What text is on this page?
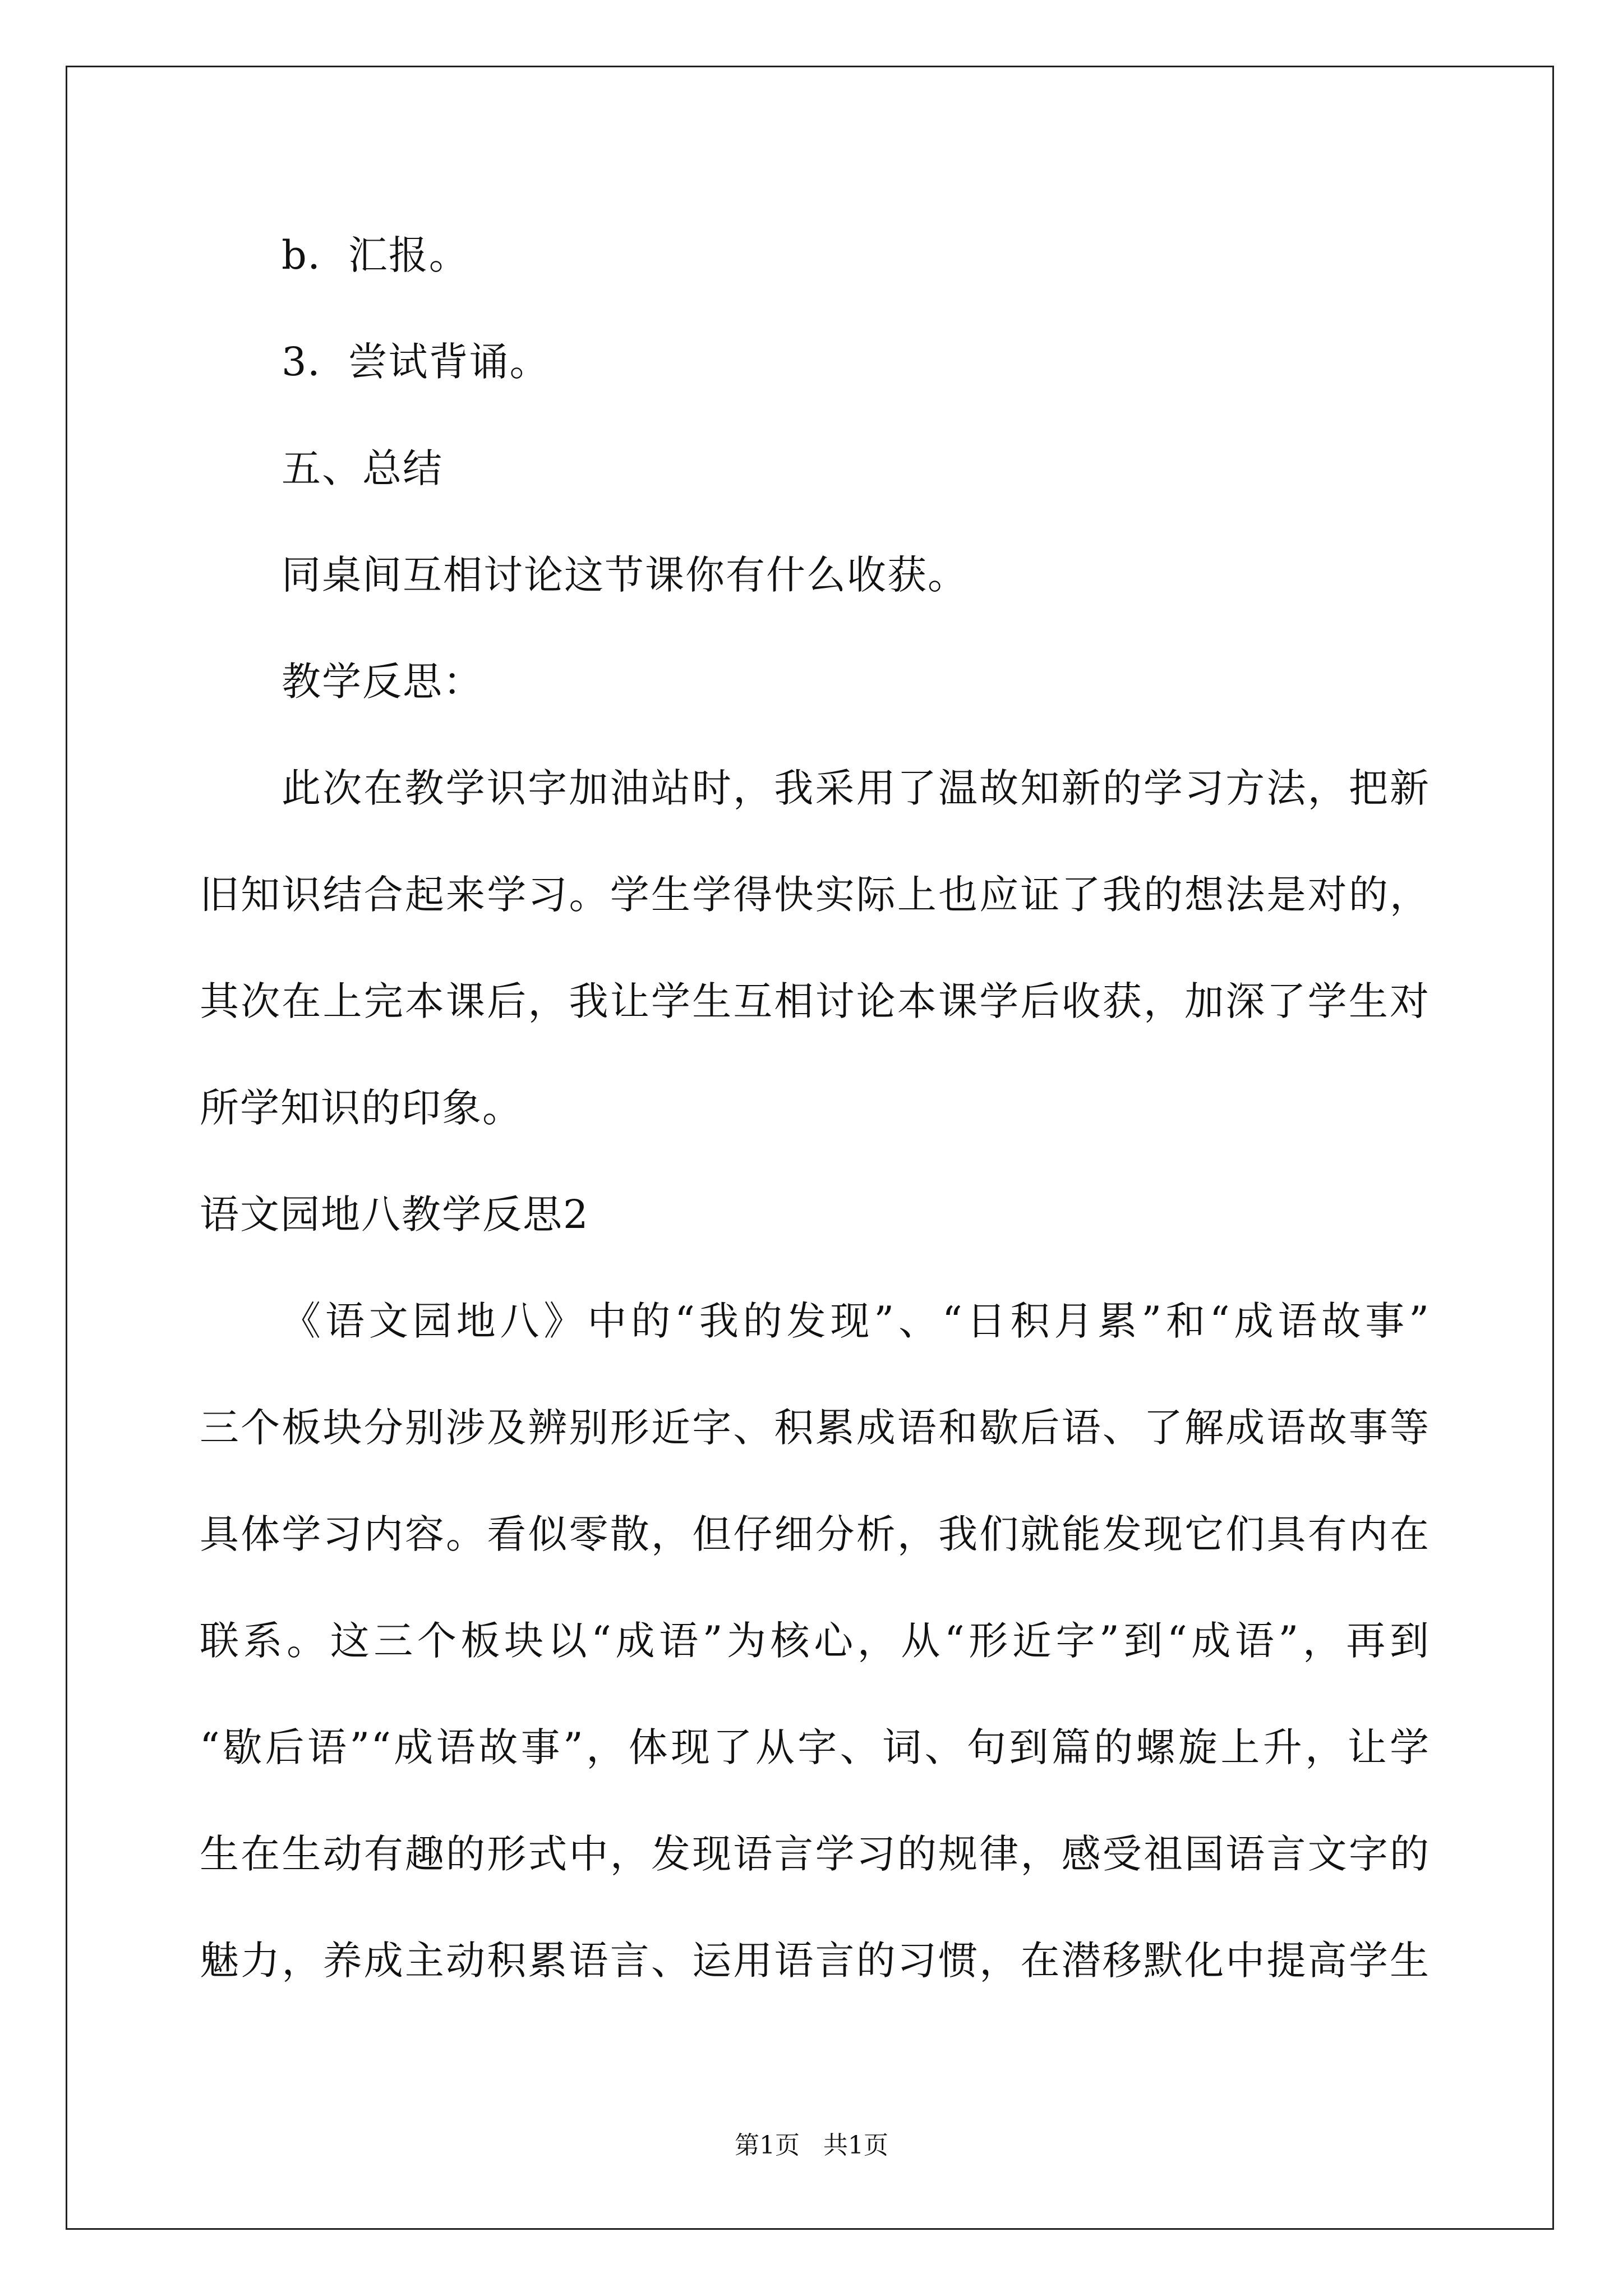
b．汇报。
3．尝试背诵。
五、总结
同桌间互相讨论这节课你有什么收获。
教学反思：
此次在教学识字加油站时，我采用了温故知新的学习方法，把新
旧知识结合起来学习。学生学得快实际上也应证了我的想法是对的，
其次在上完本课后，我让学生互相讨论本课学后收获，加深了学生对
所学知识的印象。
语文园地八教学反思2
《语文园地八》中的“我的发现”、“日积月累”和“成语故事”
三个板块分别涉及辨别形近字、积累成语和歇后语、了解成语故事等
具体学习内容。看似零散，但仔细分析，我们就能发现它们具有内在
联系。这三个板块以“成语”为核心，从“形近字”到“成语”，再到
“歇后语”“成语故事”，体现了从字、词、句到篇的螺旋上升，让学
生在生动有趣的形式中，发现语言学习的规律，感受祖国语言文字的
魅力，养成主动积累语言、运用语言的习惯，在潜移默化中提高学生
第1页 共1页
